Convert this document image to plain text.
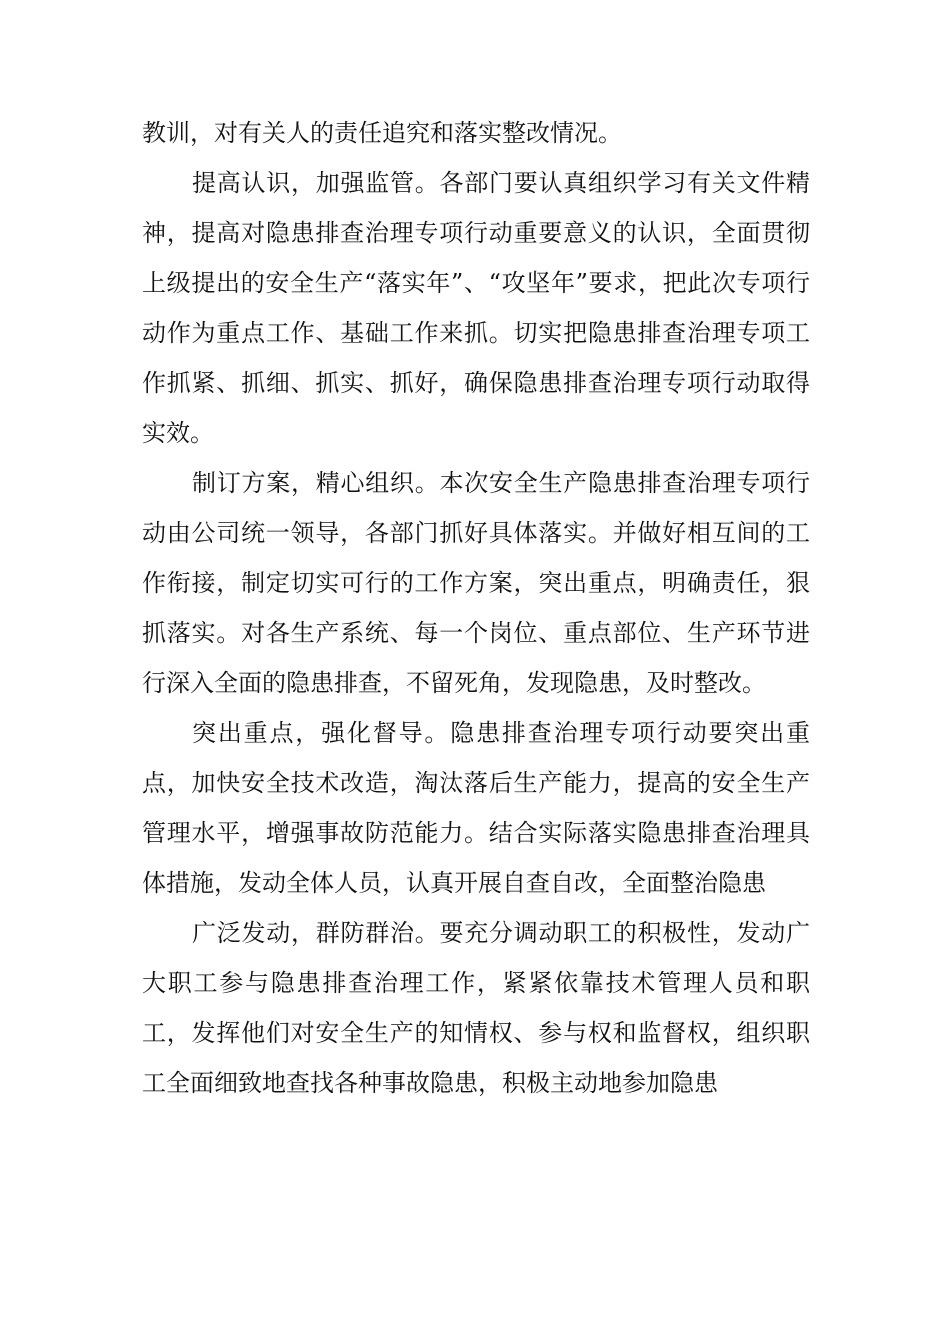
教训，对有关人的责任追究和落实整改情况。

提高认识，加强监管。各部门要认真组织学习有关文件精神，提高对隐患排查治理专项行动重要意义的认识，全面贯彻上级提出的安全生产“落实年”、“攻坚年”要求，把此次专项行动作为重点工作、基础工作来抓。切实把隐患排查治理专项工作抓紧、抓细、抓实、抓好，确保隐患排查治理专项行动取得实效。

制订方案，精心组织。本次安全生产隐患排查治理专项行动由公司统一领导，各部门抓好具体落实。并做好相互间的工作衔接，制定切实可行的工作方案，突出重点，明确责任，狠抓落实。对各生产系统、每一个岗位、重点部位、生产环节进行深入全面的隐患排查，不留死角，发现隐患，及时整改。

突出重点，强化督导。隐患排查治理专项行动要突出重点，加快安全技术改造，淘汰落后生产能力，提高的安全生产管理水平，增强事故防范能力。结合实际落实隐患排查治理具体措施，发动全体人员，认真开展自查自改，全面整治隐患

广泛发动，群防群治。要充分调动职工的积极性，发动广大职工参与隐患排查治理工作，紧紧依靠技术管理人员和职工，发挥他们对安全生产的知情权、参与权和监督权，组织职工全面细致地查找各种事故隐患，积极主动地参加隐患
